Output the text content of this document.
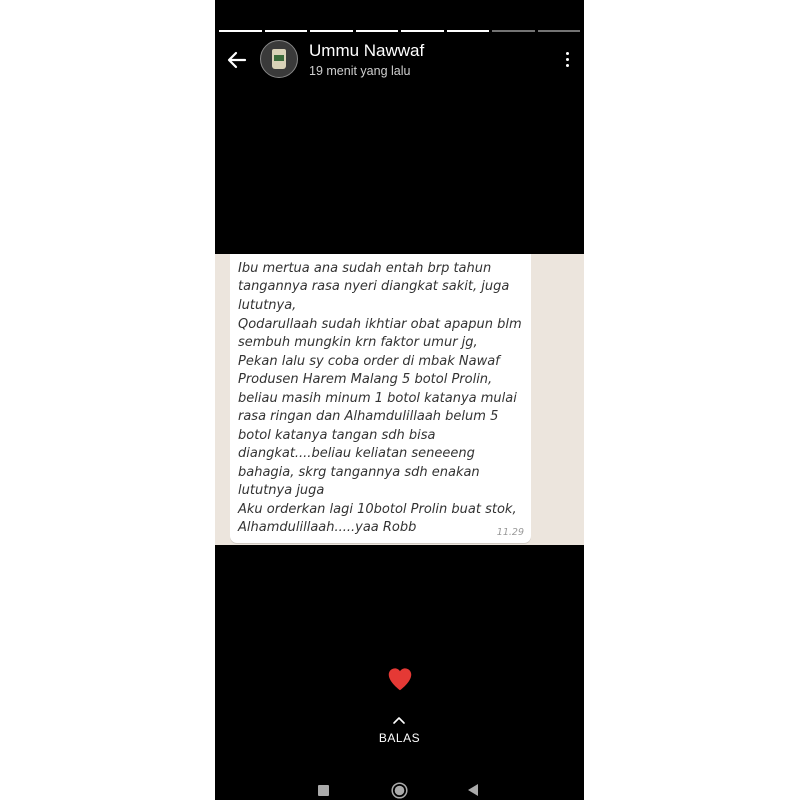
Ummu Nawwaf
19 menit yang lalu
Ibu mertua ana sudah entah brp tahun
tangannya rasa nyeri diangkat sakit, juga
lututnya,
Qodarullaah sudah ikhtiar obat apapun blm
sembuh mungkin krn faktor umur jg,
Pekan lalu sy coba order di mbak Nawaf
Produsen Harem Malang 5 botol Prolin,
beliau masih minum 1 botol katanya mulai
rasa ringan dan Alhamdulillaah belum 5
botol katanya tangan sdh bisa
diangkat....beliau keliatan seneeeng
bahagia, skrg tangannya sdh enakan
lututnya juga
Aku orderkan lagi 10botol Prolin buat stok,
Alhamdulillaah.....yaa Robb	11.29
BALAS
